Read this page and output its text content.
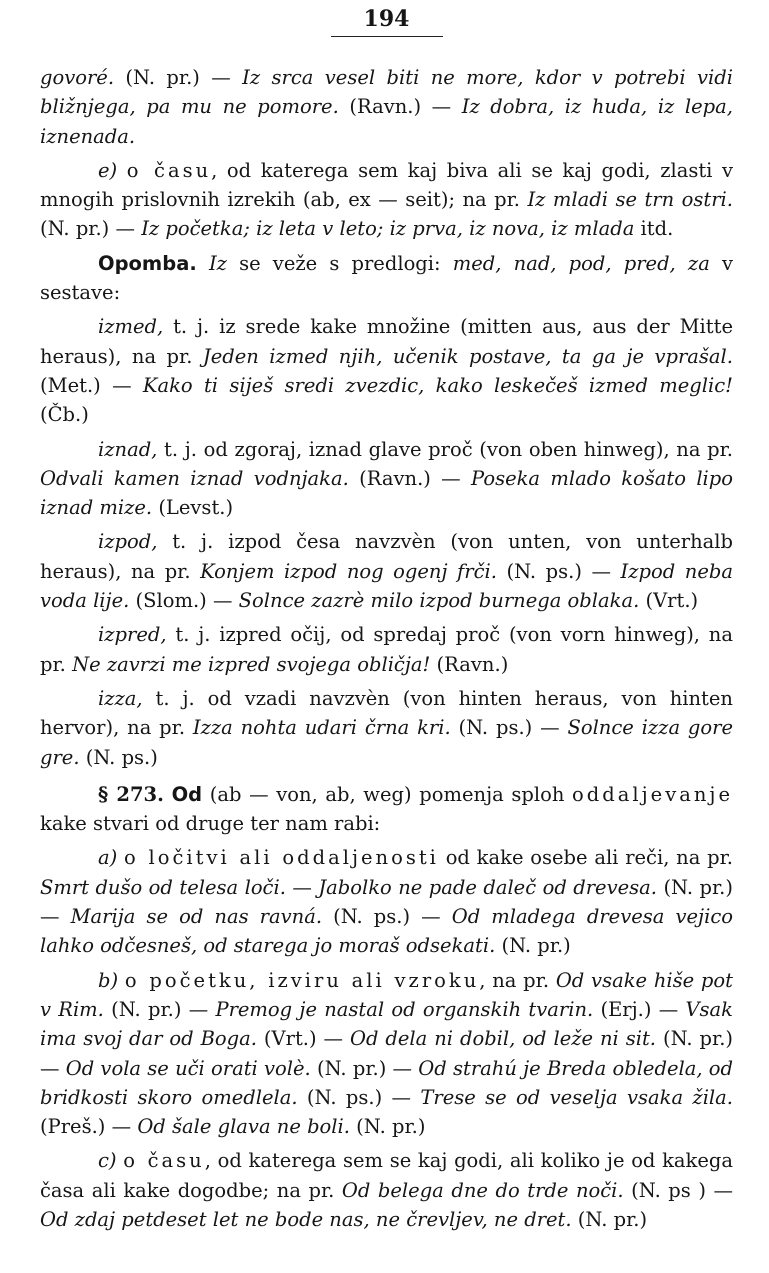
194

govoré. (N. pr.) — Iz srca vesel biti ne more, kdor v potrebi vidi bližnjega, pa mu ne pomore. (Ravn.) — Iz dobra, iz huda, iz lepa, iznenada.

e) o času, od katerega sem kaj biva ali se kaj godi, zlasti v mnogih prislovnih izrekih (ab, ex — seit); na pr. Iz mladi se trn ostri. (N. pr.) — Iz početka; iz leta v leto; iz prva, iz nova, iz mlada itd.

Opomba. Iz se veže s predlogi: med, nad, pod, pred, za v sestave:

izmed, t. j. iz srede kake množine (mitten aus, aus der Mitte heraus), na pr. Jeden izmed njih, učenik postave, ta ga je vprašal. (Met.) — Kako ti siješ sredi zvezdic, kako leskečeš izmed meglic! (Čb.)

iznad, t. j. od zgoraj, iznad glave proč (von oben hinweg), na pr. Odvali kamen iznad vodnjaka. (Ravn.) — Poseka mlado košato lipo iznad mize. (Levst.)

izpod, t. j. izpod česa navzvèn (von unten, von unterhalb heraus), na pr. Konjem izpod nog ogenj frči. (N. ps.) — Izpod neba voda lije. (Slom.) — Solnce zazrè milo izpod burnega oblaka. (Vrt.)

izpred, t. j. izpred očij, od spredaj proč (von vorn hinweg), na pr. Ne zavrzi me izpred svojega obličja! (Ravn.)

izza, t. j. od vzadi navzvèn (von hinten heraus, von hinten hervor), na pr. Izza nohta udari črna kri. (N. ps.) — Solnce izza gore gre. (N. ps.)

§ 273. Od (ab — von, ab, weg) pomenja sploh oddaljevanje kake stvari od druge ter nam rabi:

a) o ločitvi ali oddaljenosti od kake osebe ali reči, na pr. Smrt dušo od telesa loči. — Jabolko ne pade daleč od drevesa. (N. pr.) — Marija se od nas ravná. (N. ps.) — Od mladega drevesa vejico lahko odčesneš, od starega jo moraš odsekati. (N. pr.)

b) o početku, izviru ali vzroku, na pr. Od vsake hiše pot v Rim. (N. pr.) — Premog je nastal od organskih tvarin. (Erj.) — Vsak ima svoj dar od Boga. (Vrt.) — Od dela ni dobil, od leže ni sit. (N. pr.) — Od vola se uči orati volè. (N. pr.) — Od strahú je Breda obledela, od bridkosti skoro omedlela. (N. ps.) — Trese se od veselja vsaka žila. (Preš.) — Od šale glava ne boli. (N. pr.)

c) o času, od katerega sem se kaj godi, ali koliko je od kakega časa ali kake dogodbe; na pr. Od belega dne do trde noči. (N. ps ) — Od zdaj petdeset let ne bode nas, ne črevljev, ne dret. (N. pr.)
